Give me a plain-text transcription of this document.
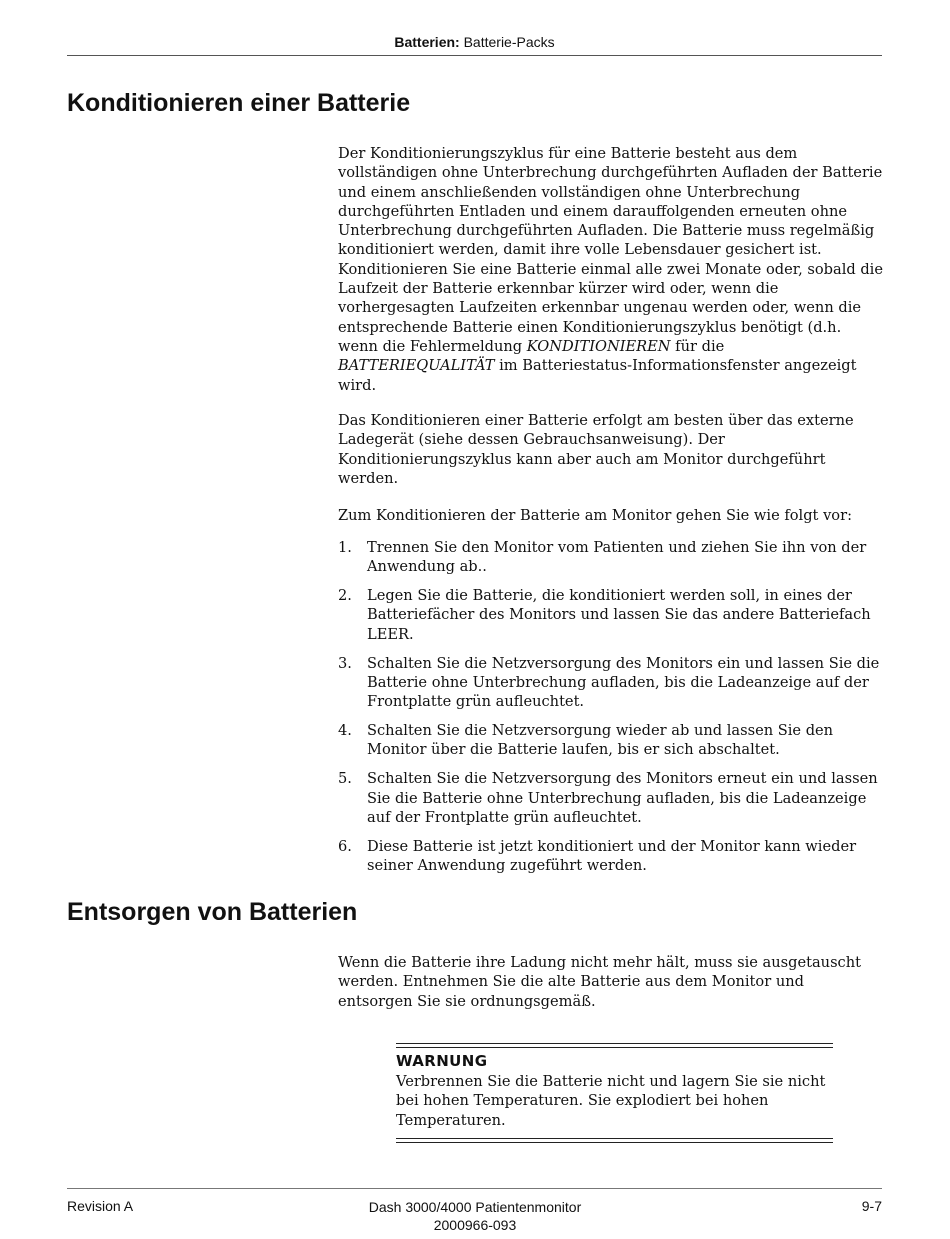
Batterien: Batterie-Packs
Konditionieren einer Batterie

Der Konditionierungszyklus für eine Batterie besteht aus dem vollständigen ohne Unterbrechung durchgeführten Aufladen der Batterie und einem anschließenden vollständigen ohne Unterbrechung durchgeführten Entladen und einem darauffolgenden erneuten ohne Unterbrechung durchgeführten Aufladen. Die Batterie muss regelmäßig konditioniert werden, damit ihre volle Lebensdauer gesichert ist. Konditionieren Sie eine Batterie einmal alle zwei Monate oder, sobald die Laufzeit der Batterie erkennbar kürzer wird oder, wenn die vorhergesagten Laufzeiten erkennbar ungenau werden oder, wenn die entsprechende Batterie einen Konditionierungszyklus benötigt (d.h. wenn die Fehlermeldung KONDITIONIEREN für die BATTERIEQUALITÄT im Batteriestatus-Informationsfenster angezeigt wird.

Das Konditionieren einer Batterie erfolgt am besten über das externe Ladegerät (siehe dessen Gebrauchsanweisung). Der Konditionierungszyklus kann aber auch am Monitor durchgeführt werden.

Zum Konditionieren der Batterie am Monitor gehen Sie wie folgt vor:

1. Trennen Sie den Monitor vom Patienten und ziehen Sie ihn von der Anwendung ab..
2. Legen Sie die Batterie, die konditioniert werden soll, in eines der Batteriefächer des Monitors und lassen Sie das andere Batteriefach LEER.
3. Schalten Sie die Netzversorgung des Monitors ein und lassen Sie die Batterie ohne Unterbrechung aufladen, bis die Ladeanzeige auf der Frontplatte grün aufleuchtet.
4. Schalten Sie die Netzversorgung wieder ab und lassen Sie den Monitor über die Batterie laufen, bis er sich abschaltet.
5. Schalten Sie die Netzversorgung des Monitors erneut ein und lassen Sie die Batterie ohne Unterbrechung aufladen, bis die Ladeanzeige auf der Frontplatte grün aufleuchtet.
6. Diese Batterie ist jetzt konditioniert und der Monitor kann wieder seiner Anwendung zugeführt werden.
Entsorgen von Batterien

Wenn die Batterie ihre Ladung nicht mehr hält, muss sie ausgetauscht werden. Entnehmen Sie die alte Batterie aus dem Monitor und entsorgen Sie sie ordnungsgemäß.

WARNUNG
Verbrennen Sie die Batterie nicht und lagern Sie sie nicht bei hohen Temperaturen. Sie explodiert bei hohen Temperaturen.
Revision A	Dash 3000/4000 Patientenmonitor
2000966-093
9-7
